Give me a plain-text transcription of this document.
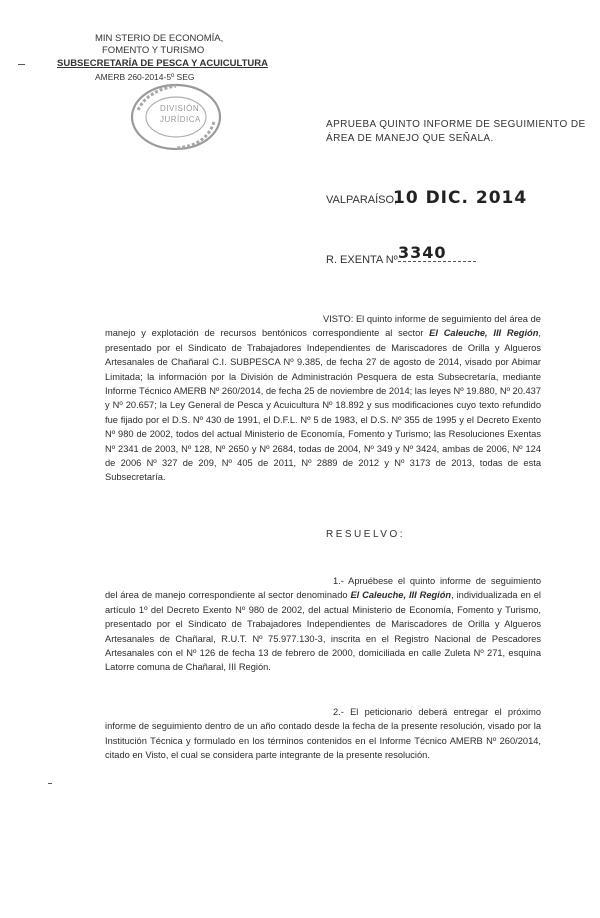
MIN STERIO DE ECONOMÍA,
FOMENTO Y TURISMO
SUBSECRETARÍA DE PESCA Y ACUICULTURA
AMERB 260-2014-5º SEG
DIVISIÓN
JURÍDICA	APRUEBA QUINTO INFORME DE SEGUIMIENTO DE
ÁREA DE MANEJO QUE SEÑALA.
VALPARAÍSO,
10 DIC. 2014
R. EXENTA Nº 3340
VISTO: El quinto informe de seguimiento del área de manejo y explotación de recursos bentónicos correspondiente al sector El Caleuche, III Región, presentado por el Sindicato de Trabajadores Independientes de Mariscadores de Orilla y Algueros Artesanales de Chañaral C.I. SUBPESCA Nº 9.385, de fecha 27 de agosto de 2014, visado por Abimar Limitada; la información por la División de Administración Pesquera de esta Subsecretaría, mediante Informe Técnico AMERB Nº 260/2014, de fecha 25 de noviembre de 2014; las leyes Nº 19.880, Nº 20.437 y Nº 20.657; la Ley General de Pesca y Acuicultura Nº 18.892 y sus modificaciones cuyo texto refundido fue fijado por el D.S. Nº 430 de 1991, el D.F.L. Nº 5 de 1983, el D.S. Nº 355 de 1995 y el Decreto Exento Nº 980 de 2002, todos del actual Ministerio de Economía, Fomento y Turismo; las Resoluciones Exentas Nº 2341 de 2003, Nº 128, Nº 2650 y Nº 2684, todas de 2004, Nº 349 y Nº 3424, ambas de 2006, Nº 124 de 2006 Nº 327 de 209, Nº 405 de 2011, Nº 2889 de 2012 y Nº 3173 de 2013, todas de esta Subsecretaría.
RESUELVO:
1.- Apruébese el quinto informe de seguimiento del área de manejo correspondiente al sector denominado El Caleuche, III Región, individualizada en el artículo 1º del Decreto Exento Nº 980 de 2002, del actual Ministerio de Economía, Fomento y Turismo, presentado por el Sindicato de Trabajadores Independientes de Mariscadores de Orilla y Algueros Artesanales de Chañaral, R.U.T. Nº 75.977.130-3, inscrita en el Registro Nacional de Pescadores Artesanales con el Nº 126 de fecha 13 de febrero de 2000, domiciliada en calle Zuleta Nº 271, esquina Latorre comuna de Chañaral, III Región.
2.- El peticionario deberá entregar el próximo informe de seguimiento dentro de un año contado desde la fecha de la presente resolución, visado por la Institución Técnica y formulado en los términos contenidos en el Informe Técnico AMERB Nº 260/2014, citado en Visto, el cual se considera parte integrante de la presente resolución.
